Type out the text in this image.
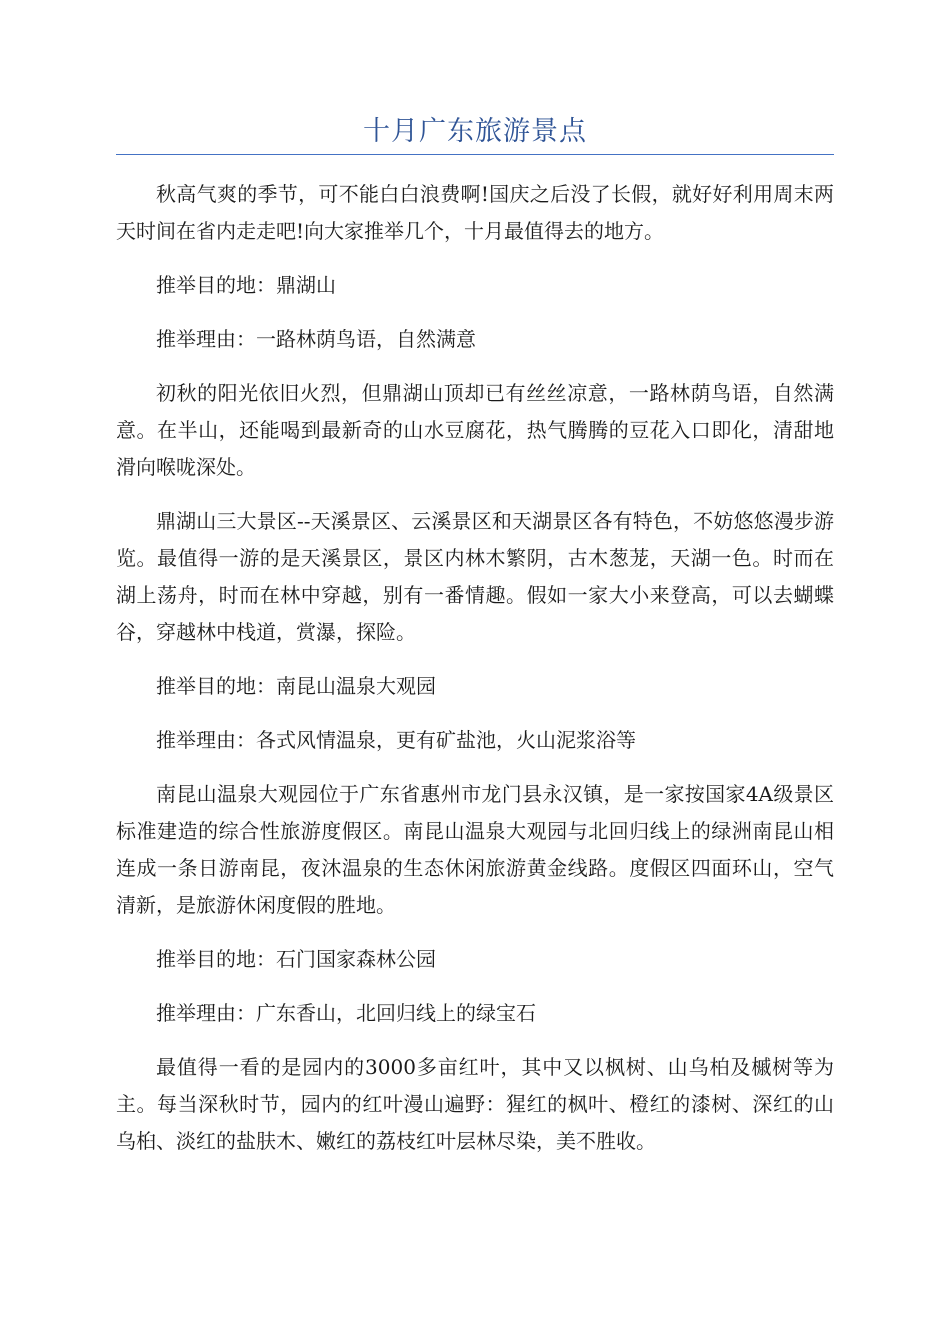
十月广东旅游景点

秋高气爽的季节，可不能白白浪费啊!国庆之后没了长假，就好好利用周末两天时间在省内走走吧!向大家推举几个，十月最值得去的地方。

推举目的地：鼎湖山

推举理由：一路林荫鸟语，自然满意

初秋的阳光依旧火烈，但鼎湖山顶却已有丝丝凉意，一路林荫鸟语，自然满意。在半山，还能喝到最新奇的山水豆腐花，热气腾腾的豆花入口即化，清甜地滑向喉咙深处。

鼎湖山三大景区--天溪景区、云溪景区和天湖景区各有特色，不妨悠悠漫步游览。最值得一游的是天溪景区，景区内林木繁阴，古木葱茏，天湖一色。时而在湖上荡舟，时而在林中穿越，别有一番情趣。假如一家大小来登高，可以去蝴蝶谷，穿越林中栈道，赏瀑，探险。

推举目的地：南昆山温泉大观园

推举理由：各式风情温泉，更有矿盐池，火山泥浆浴等

南昆山温泉大观园位于广东省惠州市龙门县永汉镇，是一家按国家4A级景区标准建造的综合性旅游度假区。南昆山温泉大观园与北回归线上的绿洲南昆山相连成一条日游南昆，夜沐温泉的生态休闲旅游黄金线路。度假区四面环山，空气清新，是旅游休闲度假的胜地。

推举目的地：石门国家森林公园

推举理由：广东香山，北回归线上的绿宝石

最值得一看的是园内的3000多亩红叶，其中又以枫树、山乌柏及槭树等为主。每当深秋时节，园内的红叶漫山遍野：猩红的枫叶、橙红的漆树、深红的山乌桕、淡红的盐肤木、嫩红的荔枝红叶层林尽染，美不胜收。
